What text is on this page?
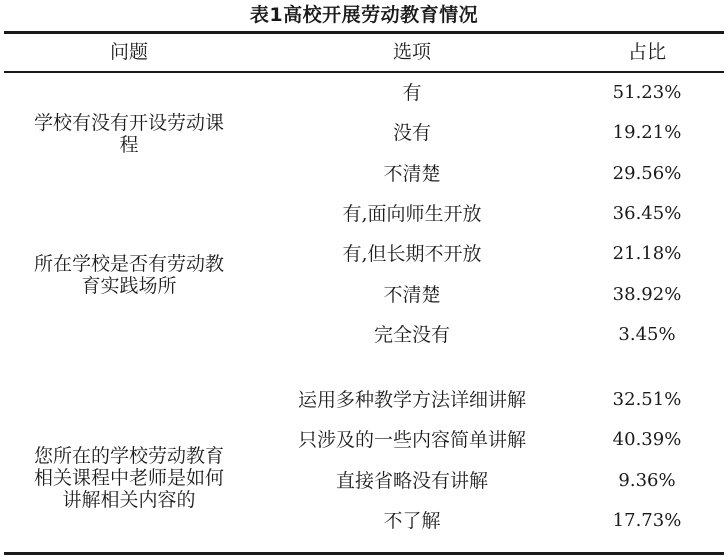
表1高校开展劳动教育情况
问题	选项	占比
学校有没有开设劳动课程
有	51.23%
没有	19.21%
不清楚	29.56%
所在学校是否有劳动教育实践场所
有,面向师生开放	36.45%
有,但长期不开放	21.18%
不清楚	38.92%
完全没有	3.45%
您所在的学校劳动教育相关课程中老师是如何讲解相关内容的
运用多种教学方法详细讲解	32.51%
只涉及的一些内容简单讲解	40.39%
直接省略没有讲解	9.36%
不了解	17.73%
